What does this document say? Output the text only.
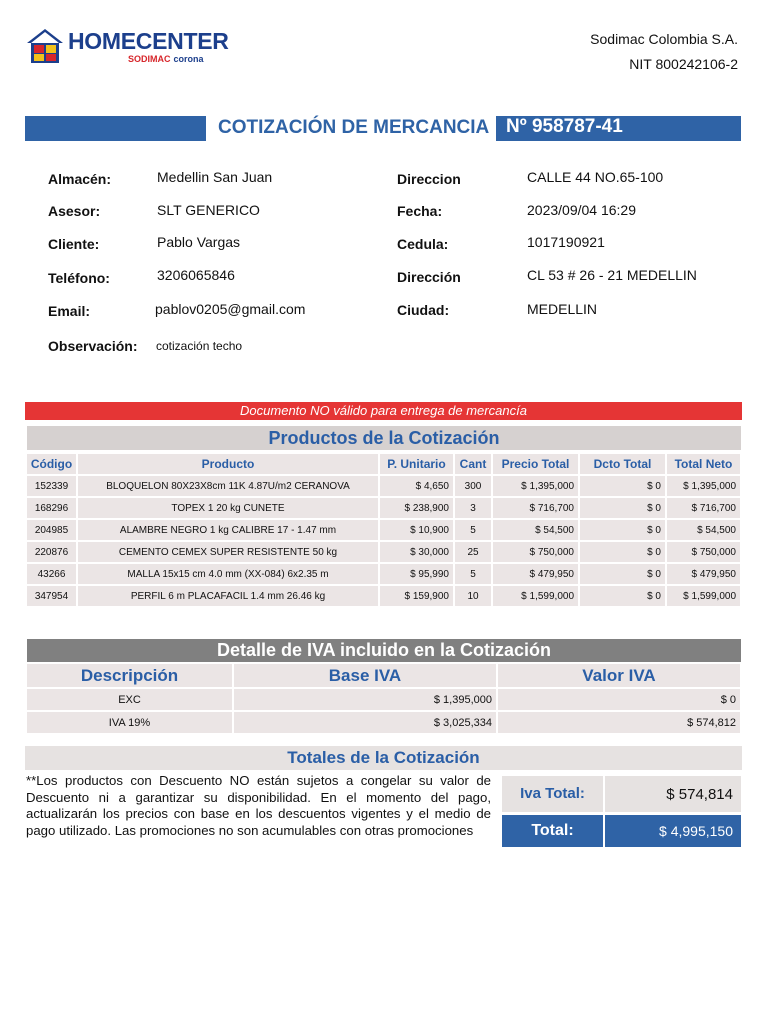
HOMECENTER
SODIMAC corona
Sodimac Colombia S.A.
NIT 800242106-2
COTIZACIÓN DE MERCANCIA Nº 958787-41
Almacén:	Medellin San Juan
Asesor:	SLT GENERICO
Cliente:	Pablo Vargas
Teléfono:	3206065846
Email:	pablov0205@gmail.com
Observación: cotización techo
Direccion	CALLE 44 NO.65-100
Fecha:	2023/09/04 16:29
Cedula:	1017190921
Dirección	CL 53 # 26 - 21 MEDELLIN
Ciudad:	MEDELLIN
Documento NO válido para entrega de mercancía
Productos de la Cotización
Código	Producto	P. Unitario	Cant	Precio Total	Dcto Total	Total Neto
152339	BLOQUELON 80X23X8cm 11K 4.87U/m2 CERANOVA	$ 4,650	300	$ 1,395,000	$ 0	$ 1,395,000
168296	TOPEX 1 20 kg CUNETE	$ 238,900	3	$ 716,700	$ 0	$ 716,700
204985	ALAMBRE NEGRO 1 kg CALIBRE 17 - 1.47 mm	$ 10,900	5	$ 54,500	$ 0	$ 54,500
220876	CEMENTO CEMEX SUPER RESISTENTE 50 kg	$ 30,000	25	$ 750,000	$ 0	$ 750,000
43266	MALLA 15x15 cm 4.0 mm (XX-084) 6x2.35 m	$ 95,990	5	$ 479,950	$ 0	$ 479,950
347954	PERFIL 6 m PLACAFACIL 1.4 mm 26.46 kg	$ 159,900	10	$ 1,599,000	$ 0	$ 1,599,000
Detalle de IVA incluido en la Cotización
Descripción	Base IVA	Valor IVA
EXC	$ 1,395,000	$ 0
IVA 19%	$ 3,025,334	$ 574,812
Totales de la Cotización
**Los productos con Descuento NO están sujetos a congelar su valor de Descuento ni a garantizar su disponibilidad. En el momento del pago, actualizarán los precios con base en los descuentos vigentes y el medio de pago utilizado. Las promociones no son acumulables con otras promociones
Iva Total:	$ 574,814
Total:	$ 4,995,150
